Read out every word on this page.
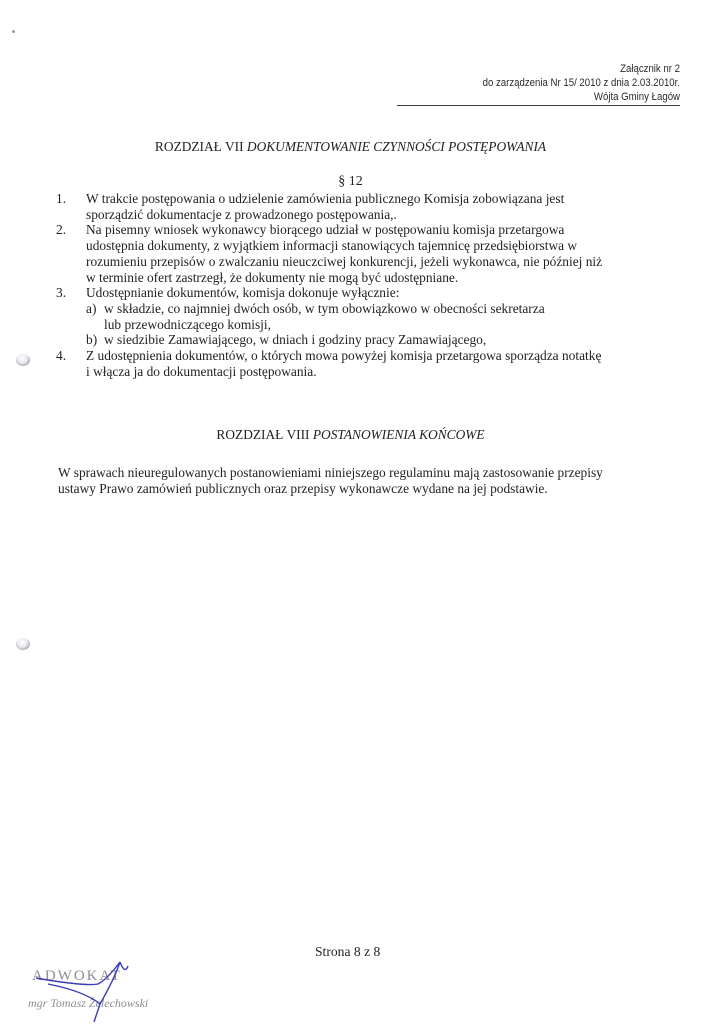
Załącznik nr 2
do zarządzenia Nr 15/ 2010 z dnia 2.03.2010r.
Wójta Gminy Łagów
ROZDZIAŁ VII DOKUMENTOWANIE CZYNNOŚCI POSTĘPOWANIA
§ 12
1.	W trakcie postępowania o udzielenie zamówienia publicznego Komisja zobowiązana jest
sporządzić dokumentacje z prowadzonego postępowania,.
2.	Na pisemny wniosek wykonawcy biorącego udział w postępowaniu komisja przetargowa
udostępnia dokumenty, z wyjątkiem informacji stanowiących tajemnicę przedsiębiorstwa w
rozumieniu przepisów o zwalczaniu nieuczciwej konkurencji, jeżeli wykonawca, nie później niż
w terminie ofert zastrzegł, że dokumenty nie mogą być udostępniane.
3.	Udostępnianie dokumentów, komisja dokonuje wyłącznie:
a) w składzie, co najmniej dwóch osób, w tym obowiązkowo w obecności sekretarza
lub przewodniczącego komisji,
b) w siedzibie Zamawiającego, w dniach i godziny pracy Zamawiającego,
4.	Z udostępnienia dokumentów, o których mowa powyżej komisja przetargowa sporządza notatkę
i włącza ja do dokumentacji postępowania.
ROZDZIAŁ VIII POSTANOWIENIA KOŃCOWE
W sprawach nieuregulowanych postanowieniami niniejszego regulaminu mają zastosowanie przepisy
ustawy Prawo zamówień publicznych oraz przepisy wykonawcze wydane na jej podstawie.
Strona 8 z 8
ADWOKAT
mgr Tomasz Żelechowski
